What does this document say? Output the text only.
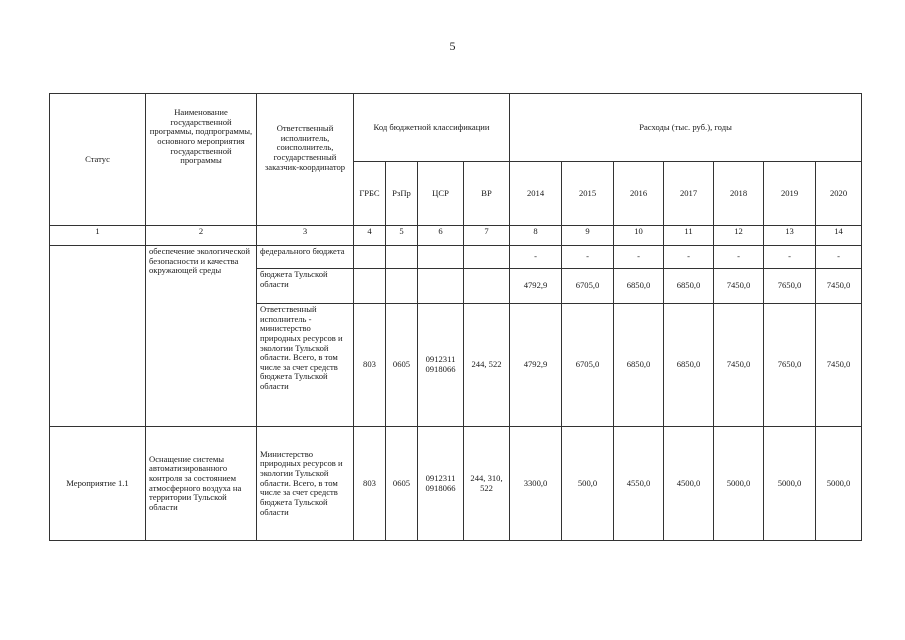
5
Статус	Наименование государственной программы, подпрограммы, основного мероприятия государственной программы	Ответственный исполнитель, соисполнитель, государственный заказчик-координатор	Код бюджетной классификации				Расходы (тыс. руб.), годы						
			ГРБС	РзПр	ЦСР	ВР	2014	2015	2016	2017	2018	2019	2020
1	2	3	4	5	6	7	8	9	10	11	12	13	14
	обеспечение экологической безопасности и качества окружающей среды	федерального бюджета					-	-	-	-	-	-	-
		бюджета Тульской области					4792,9	6705,0	6850,0	6850,0	7450,0	7650,0	7450,0
		Ответственный исполнитель - министерство природных ресурсов и экологии Тульской области. Всего, в том числе за счет средств бюджета Тульской области	803	0605	0912311 0918066	244, 522	4792,9	6705,0	6850,0	6850,0	7450,0	7650,0	7450,0
Мероприятие 1.1	Оснащение системы автоматизированного контроля за состоянием атмосферного воздуха на территории Тульской области	Министерство природных ресурсов и экологии Тульской области. Всего, в том числе за счет средств бюджета Тульской области	803	0605	0912311 0918066	244, 310, 522	3300,0	500,0	4550,0	4500,0	5000,0	5000,0	5000,0
